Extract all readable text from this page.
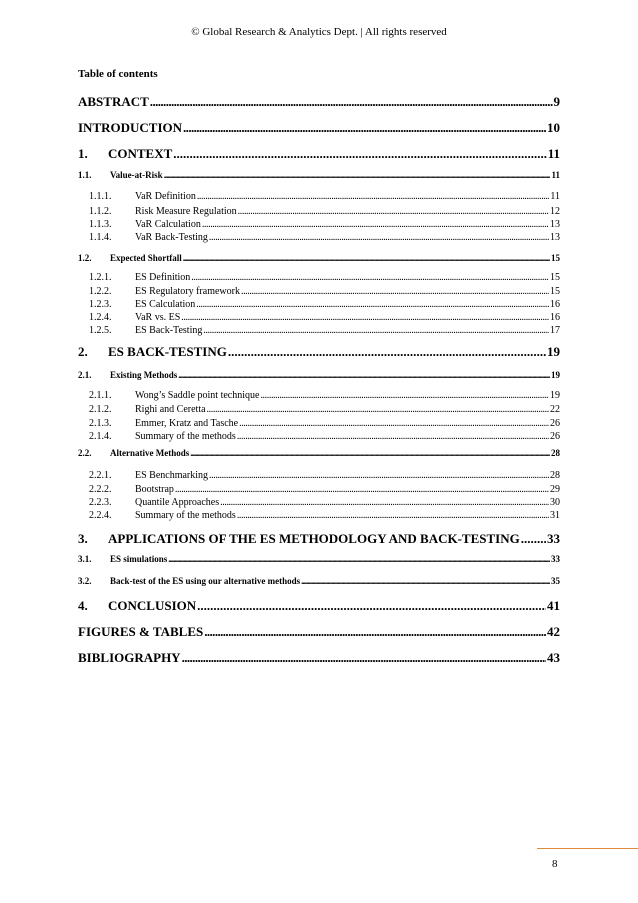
© Global Research & Analytics Dept. | All rights reserved
Table of contents
ABSTRACT .....	9
INTRODUCTION .....	10
1.	CONTEXT .....	11
1.1.	Value-at-Risk .....	11
1.1.1.	VaR Definition .....	11
1.1.2.	Risk Measure Regulation .....	12
1.1.3.	VaR Calculation .....	13
1.1.4.	VaR Back-Testing .....	13
1.2.	Expected Shortfall .....	15
1.2.1.	ES Definition .....	15
1.2.2.	ES Regulatory framework .....	15
1.2.3.	ES Calculation .....	16
1.2.4.	VaR vs. ES .....	16
1.2.5.	ES Back-Testing .....	17
2.	ES BACK-TESTING .....	19
2.1.	Existing Methods .....	19
2.1.1.	Wong’s Saddle point technique .....	19
2.1.2.	Righi and Ceretta .....	22
2.1.3.	Emmer, Kratz and Tasche .....	26
2.1.4.	Summary of the methods .....	26
2.2.	Alternative Methods .....	28
2.2.1.	ES Benchmarking .....	28
2.2.2.	Bootstrap .....	29
2.2.3.	Quantile Approaches .....	30
2.2.4.	Summary of the methods .....	31
3.	APPLICATIONS OF THE ES METHODOLOGY AND BACK-TESTING ..... 33
3.1.	ES simulations .....	33
3.2.	Back-test of the ES using our alternative methods .....	35
4.	CONCLUSION .....	41
FIGURES & TABLES .....	42
BIBLIOGRAPHY .....	43
8
